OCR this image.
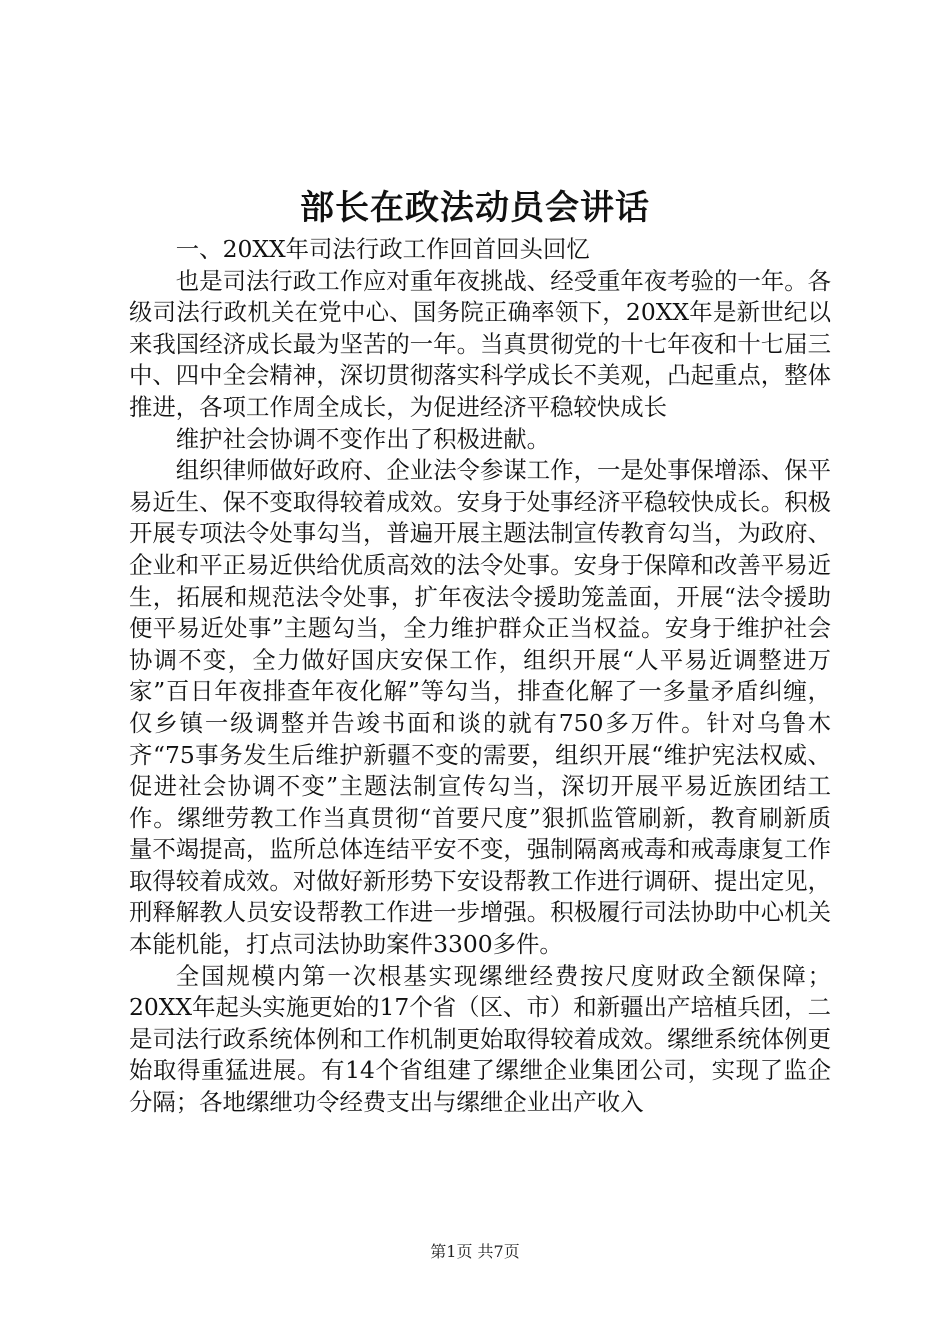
部长在政法动员会讲话

一、20XX年司法行政工作回首回头回忆

也是司法行政工作应对重年夜挑战、经受重年夜考验的一年。各级司法行政机关在党中心、国务院正确率领下，20XX年是新世纪以来我国经济成长最为坚苦的一年。当真贯彻党的十七年夜和十七届三中、四中全会精神，深切贯彻落实科学成长不美观，凸起重点，整体推进，各项工作周全成长，为促进经济平稳较快成长

维护社会协调不变作出了积极进献。

组织律师做好政府、企业法令参谋工作，一是处事保增添、保平易近生、保不变取得较着成效。安身于处事经济平稳较快成长。积极开展专项法令处事勾当，普遍开展主题法制宣传教育勾当，为政府、企业和平正易近供给优质高效的法令处事。安身于保障和改善平易近生，拓展和规范法令处事，扩年夜法令援助笼盖面，开展“法令援助便平易近处事”主题勾当，全力维护群众正当权益。安身于维护社会协调不变，全力做好国庆安保工作，组织开展“人平易近调整进万家”百日年夜排查年夜化解”等勾当，排查化解了一多量矛盾纠缠，仅乡镇一级调整并告竣书面和谈的就有750多万件。针对乌鲁木齐“75事务发生后维护新疆不变的需要，组织开展“维护宪法权威、促进社会协调不变”主题法制宣传勾当，深切开展平易近族团结工作。缧绁劳教工作当真贯彻“首要尺度”狠抓监管刷新，教育刷新质量不竭提高，监所总体连结平安不变，强制隔离戒毒和戒毒康复工作取得较着成效。对做好新形势下安设帮教工作进行调研、提出定见，刑释解教人员安设帮教工作进一步增强。积极履行司法协助中心机关本能机能，打点司法协助案件3300多件。

全国规模内第一次根基实现缧绁经费按尺度财政全额保障；20XX年起头实施更始的17个省（区、市）和新疆出产培植兵团，二是司法行政系统体例和工作机制更始取得较着成效。缧绁系统体例更始取得重猛进展。有14个省组建了缧绁企业集团公司，实现了监企分隔；各地缧绁功令经费支出与缧绁企业出产收入

第1页 共7页
